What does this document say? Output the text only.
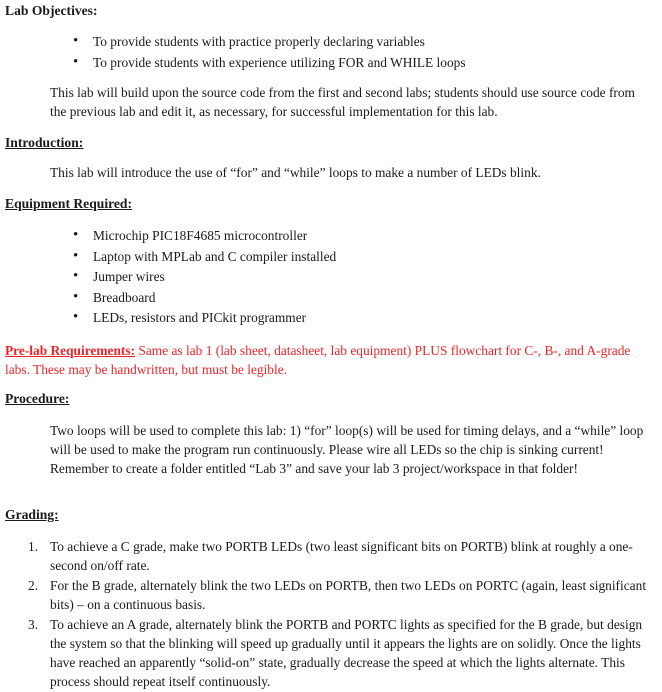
Lab Objectives:
• To provide students with practice properly declaring variables
• To provide students with experience utilizing FOR and WHILE loops

This lab will build upon the source code from the first and second labs; students should use source code from the previous lab and edit it, as necessary, for successful implementation for this lab.

Introduction:

This lab will introduce the use of “for” and “while” loops to make a number of LEDs blink.

Equipment Required:
• Microchip PIC18F4685 microcontroller
• Laptop with MPLab and C compiler installed
• Jumper wires
• Breadboard
• LEDs, resistors and PICkit programmer

Pre-lab Requirements: Same as lab 1 (lab sheet, datasheet, lab equipment) PLUS flowchart for C-, B-, and A-grade labs. These may be handwritten, but must be legible.

Procedure:

Two loops will be used to complete this lab: 1) “for” loop(s) will be used for timing delays, and a “while” loop will be used to make the program run continuously. Please wire all LEDs so the chip is sinking current! Remember to create a folder entitled “Lab 3” and save your lab 3 project/workspace in that folder!

Grading:
1. To achieve a C grade, make two PORTB LEDs (two least significant bits on PORTB) blink at roughly a one-second on/off rate.
2. For the B grade, alternately blink the two LEDs on PORTB, then two LEDs on PORTC (again, least significant bits) – on a continuous basis.
3. To achieve an A grade, alternately blink the PORTB and PORTC lights as specified for the B grade, but design the system so that the blinking will speed up gradually until it appears the lights are on solidly. Once the lights have reached an apparently “solid-on” state, gradually decrease the speed at which the lights alternate. This process should repeat itself continuously.
